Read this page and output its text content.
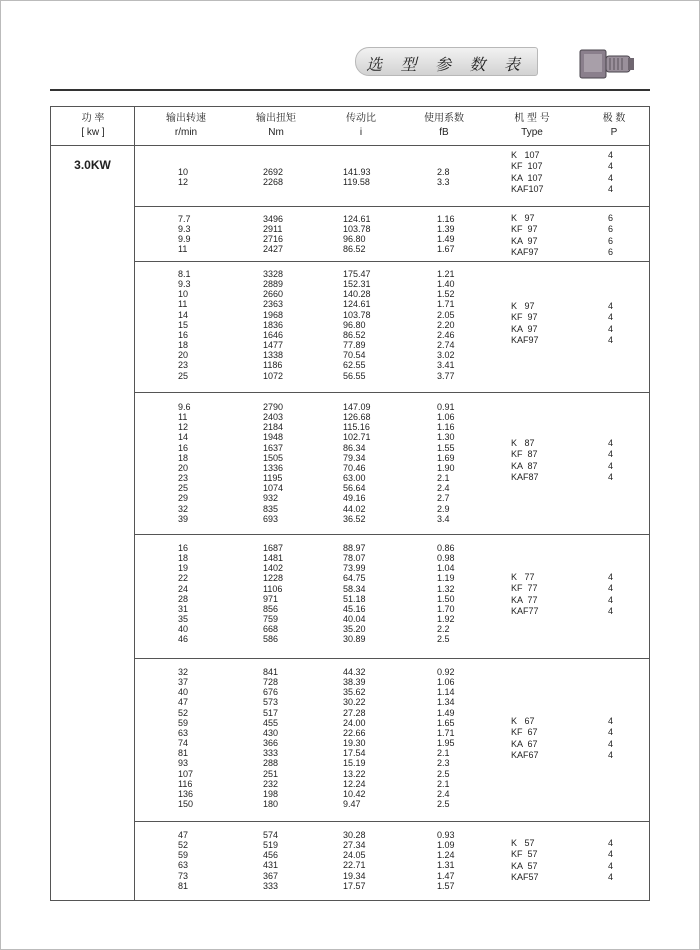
选 型 参 数 表
功 率
[ kw ]
输出转速
r/min
输出扭矩
Nm
传动比
i
使用系数
fB
机 型 号
Type
极 数
P
3.0KW	10
12
2692
2268
141.93
119.58
2.8
3.3
K   107
KF  107
KA  107
KAF107
4
4
4
4
7.7
9.3
9.9
11
3496
2911
2716
2427
124.61
103.78
96.80
86.52
1.16
1.39
1.49
1.67
K   97
KF  97
KA  97
KAF97
6
6
6
6
8.1
9.3
10
11
14
15
16
18
20
23
25
3328
2889
2660
2363
1968
1836
1646
1477
1338
1186
1072
175.47
152.31
140.28
124.61
103.78
96.80
86.52
77.89
70.54
62.55
56.55
1.21
1.40
1.52
1.71
2.05
2.20
2.46
2.74
3.02
3.41
3.77
K   97
KF  97
KA  97
KAF97
4
4
4
4
9.6
11
12
14
16
18
20
23
25
29
32
39
2790
2403
2184
1948
1637
1505
1336
1195
1074
932
835
693
147.09
126.68
115.16
102.71
86.34
79.34
70.46
63.00
56.64
49.16
44.02
36.52
0.91
1.06
1.16
1.30
1.55
1.69
1.90
2.1
2.4
2.7
2.9
3.4
K   87
KF  87
KA  87
KAF87
4
4
4
4
16
18
19
22
24
28
31
35
40
46
1687
1481
1402
1228
1106
971
856
759
668
586
88.97
78.07
73.99
64.75
58.34
51.18
45.16
40.04
35.20
30.89
0.86
0.98
1.04
1.19
1.32
1.50
1.70
1.92
2.2
2.5
K   77
KF  77
KA  77
KAF77
4
4
4
4
32
37
40
47
52
59
63
74
81
93
107
116
136
150
841
728
676
573
517
455
430
366
333
288
251
232
198
180
44.32
38.39
35.62
30.22
27.28
24.00
22.66
19.30
17.54
15.19
13.22
12.24
10.42
9.47
0.92
1.06
1.14
1.34
1.49
1.65
1.71
1.95
2.1
2.3
2.5
2.1
2.4
2.5
K   67
KF  67
KA  67
KAF67
4
4
4
4
47
52
59
63
73
81
574
519
456
431
367
333
30.28
27.34
24.05
22.71
19.34
17.57
0.93
1.09
1.24
1.31
1.47
1.57
K   57
KF  57
KA  57
KAF57
4
4
4
4
